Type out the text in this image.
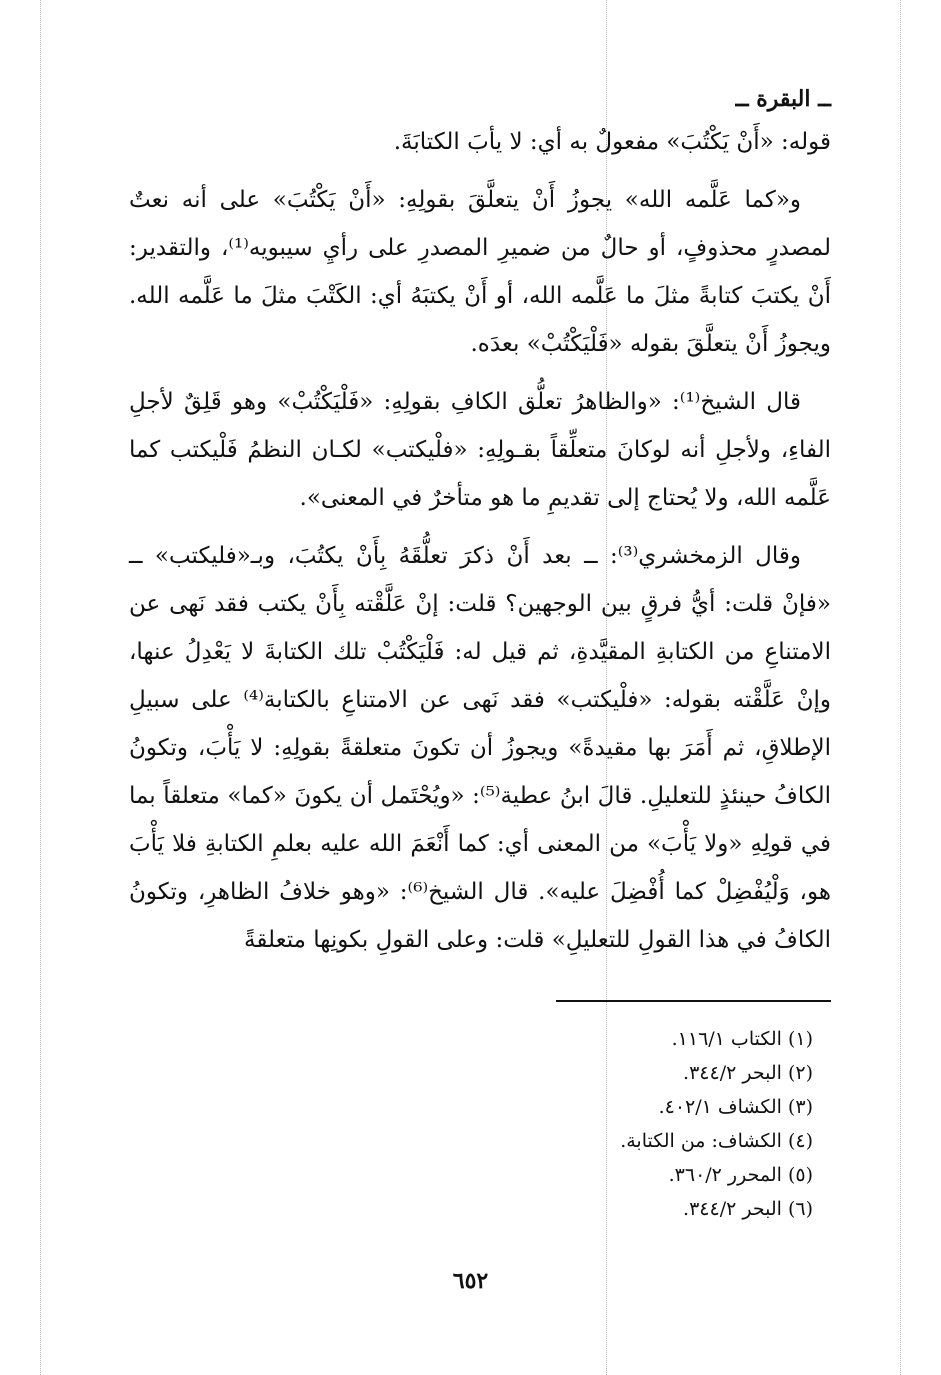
ــ البقرة ــ

قوله: «أَنْ يَكْتُبَ» مفعولٌ به أي: لا يأبَ الكتابَةَ.

و«كما عَلَّمه الله» يجوزُ أَنْ يتعلَّقَ بقولِهِ: «أَنْ يَكْتُبَ» على أنه نعتٌ لمصدرٍ محذوفٍ، أو حالٌ من ضميرِ المصدرِ على رأيِ سيبويه⁽¹⁾، والتقدير: أَنْ يكتبَ كتابةً مثلَ ما عَلَّمه الله، أو أَنْ يكتبَهُ أي: الكَتْبَ مثلَ ما عَلَّمه الله. ويجوزُ أَنْ يتعلَّقَ بقوله «فَلْيَكْتُبْ» بعدَه.

قال الشيخ⁽¹⁾: «والظاهرُ تعلُّق الكافِ بقولِهِ: «فَلْيَكْتُبْ» وهو قَلِقٌ لأجلِ الفاءِ، ولأجلِ أنه لوكانَ متعلِّقاً بقـولِهِ: «فلْيكتب» لكـان النظمُ فَلْيكتب كما عَلَّمه الله، ولا يُحتاج إلى تقديمِ ما هو متأخرٌ في المعنى».

وقال الزمخشري⁽³⁾: ــ بعد أَنْ ذكرَ تعلُّقَهُ بِأَنْ يكتُبَ، وبـ«فليكتب» ــ «فإنْ قلت: أيُّ فرقٍ بين الوجهين؟ قلت: إنْ عَلَّقْته بِأَنْ يكتب فقد نَهى عن الامتناعِ من الكتابةِ المقيَّدةِ، ثم قيل له: فَلْيَكْتُبْ تلك الكتابةَ لا يَعْدِلُ عنها، وإنْ عَلَّقْته بقوله: «فلْيكتب» فقد نَهى عن الامتناعِ بالكتابة⁽⁴⁾ على سبيلِ الإطلاقِ، ثم أَمَرَ بها مقيدةً» ويجوزُ أن تكونَ متعلقةً بقولِهِ: لا يَأْبَ، وتكونُ الكافُ حينئذٍ للتعليلِ. قالَ ابنُ عطية⁽⁵⁾: «ويُحْتَمل أن يكونَ «كما» متعلقاً بما في قولِهِ «ولا يَأْبَ» من المعنى أي: كما أَنْعَمَ الله عليه بعلمِ الكتابةِ فلا يَأْبَ هو، وَلْيُفْضِلْ كما أُفْضِلَ عليه». قال الشيخ⁽⁶⁾: «وهو خلافُ الظاهرِ، وتكونُ الكافُ في هذا القولِ للتعليلِ» قلت: وعلى القولِ بكونِها متعلقةً

(١) الكتاب ١١٦/١.
(٢) البحر ٣٤٤/٢.
(٣) الكشاف ٤٠٢/١.
(٤) الكشاف: من الكتابة.
(٥) المحرر ٣٦٠/٢.
(٦) البحر ٣٤٤/٢.
٦٥٢
